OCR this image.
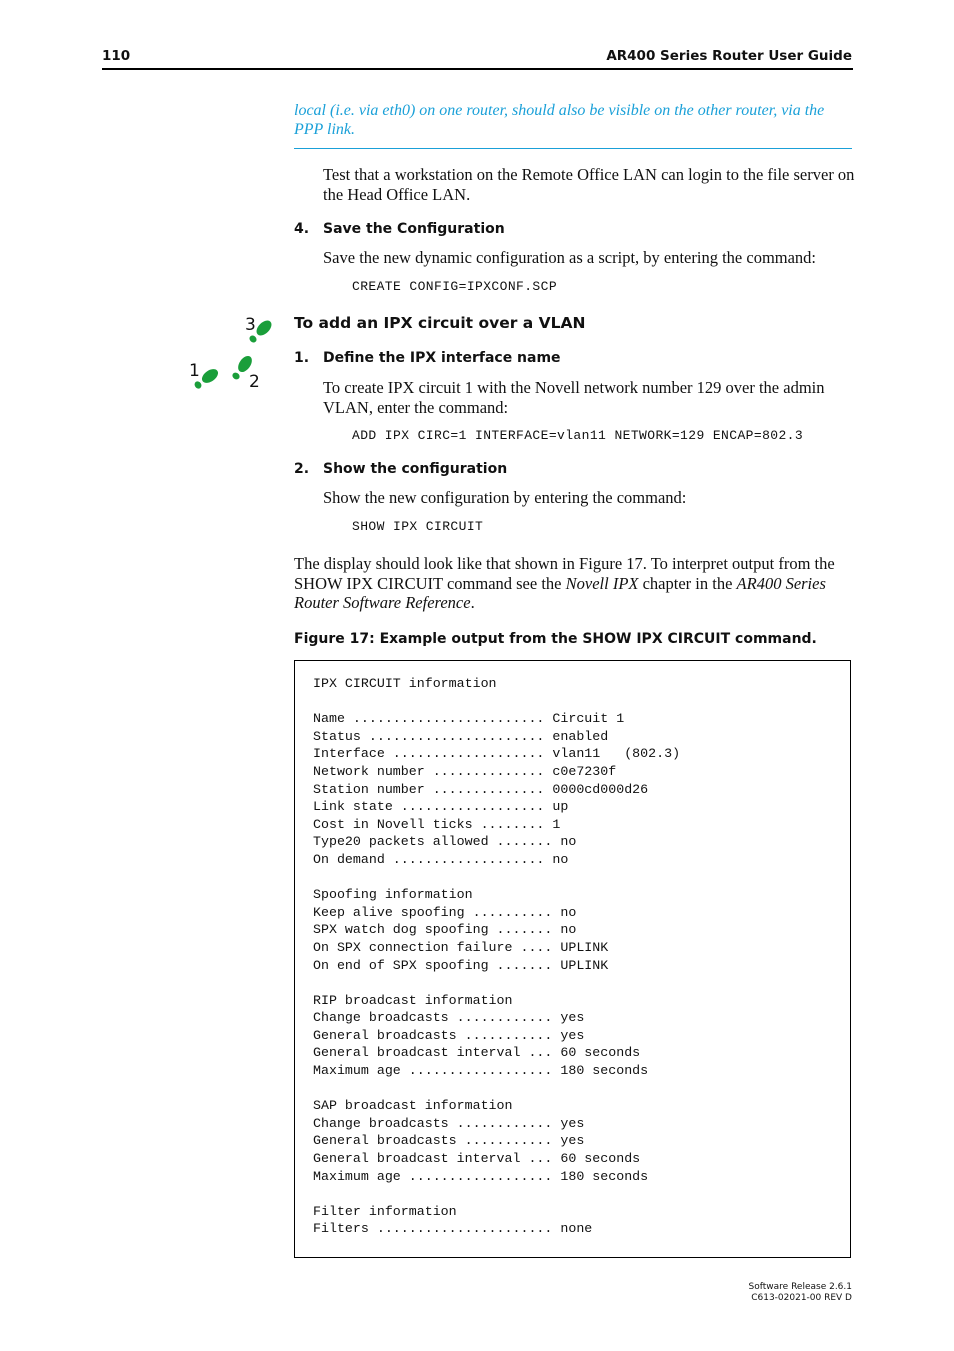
110	AR400 Series Router User Guide
local (i.e. via eth0) on one router, should also be visible on the other router, via the PPP link.
Test that a workstation on the Remote Office LAN can login to the file server on the Head Office LAN.
4. Save the Configuration
Save the new dynamic configuration as a script, by entering the command:
CREATE CONFIG=IPXCONF.SCP
3
2
1
To add an IPX circuit over a VLAN
1. Define the IPX interface name
To create IPX circuit 1 with the Novell network number 129 over the admin VLAN, enter the command:
ADD IPX CIRC=1 INTERFACE=vlan11 NETWORK=129 ENCAP=802.3
2. Show the configuration
Show the new configuration by entering the command:
SHOW IPX CIRCUIT
The display should look like that shown in Figure 17. To interpret output from the SHOW IPX CIRCUIT command see the Novell IPX chapter in the AR400 Series Router Software Reference.
Figure 17: Example output from the SHOW IPX CIRCUIT command.
IPX CIRCUIT information

Name ........................ Circuit 1
Status ...................... enabled
Interface ................... vlan11   (802.3)
Network number .............. c0e7230f
Station number .............. 0000cd000d26
Link state .................. up
Cost in Novell ticks ........ 1
Type20 packets allowed ....... no
On demand ................... no

Spoofing information
Keep alive spoofing .......... no
SPX watch dog spoofing ....... no
On SPX connection failure .... UPLINK
On end of SPX spoofing ....... UPLINK

RIP broadcast information
Change broadcasts ............ yes
General broadcasts ........... yes
General broadcast interval ... 60 seconds
Maximum age .................. 180 seconds

SAP broadcast information
Change broadcasts ............ yes
General broadcasts ........... yes
General broadcast interval ... 60 seconds
Maximum age .................. 180 seconds

Filter information
Filters ...................... none
Software Release 2.6.1
C613-02021-00 REV D
